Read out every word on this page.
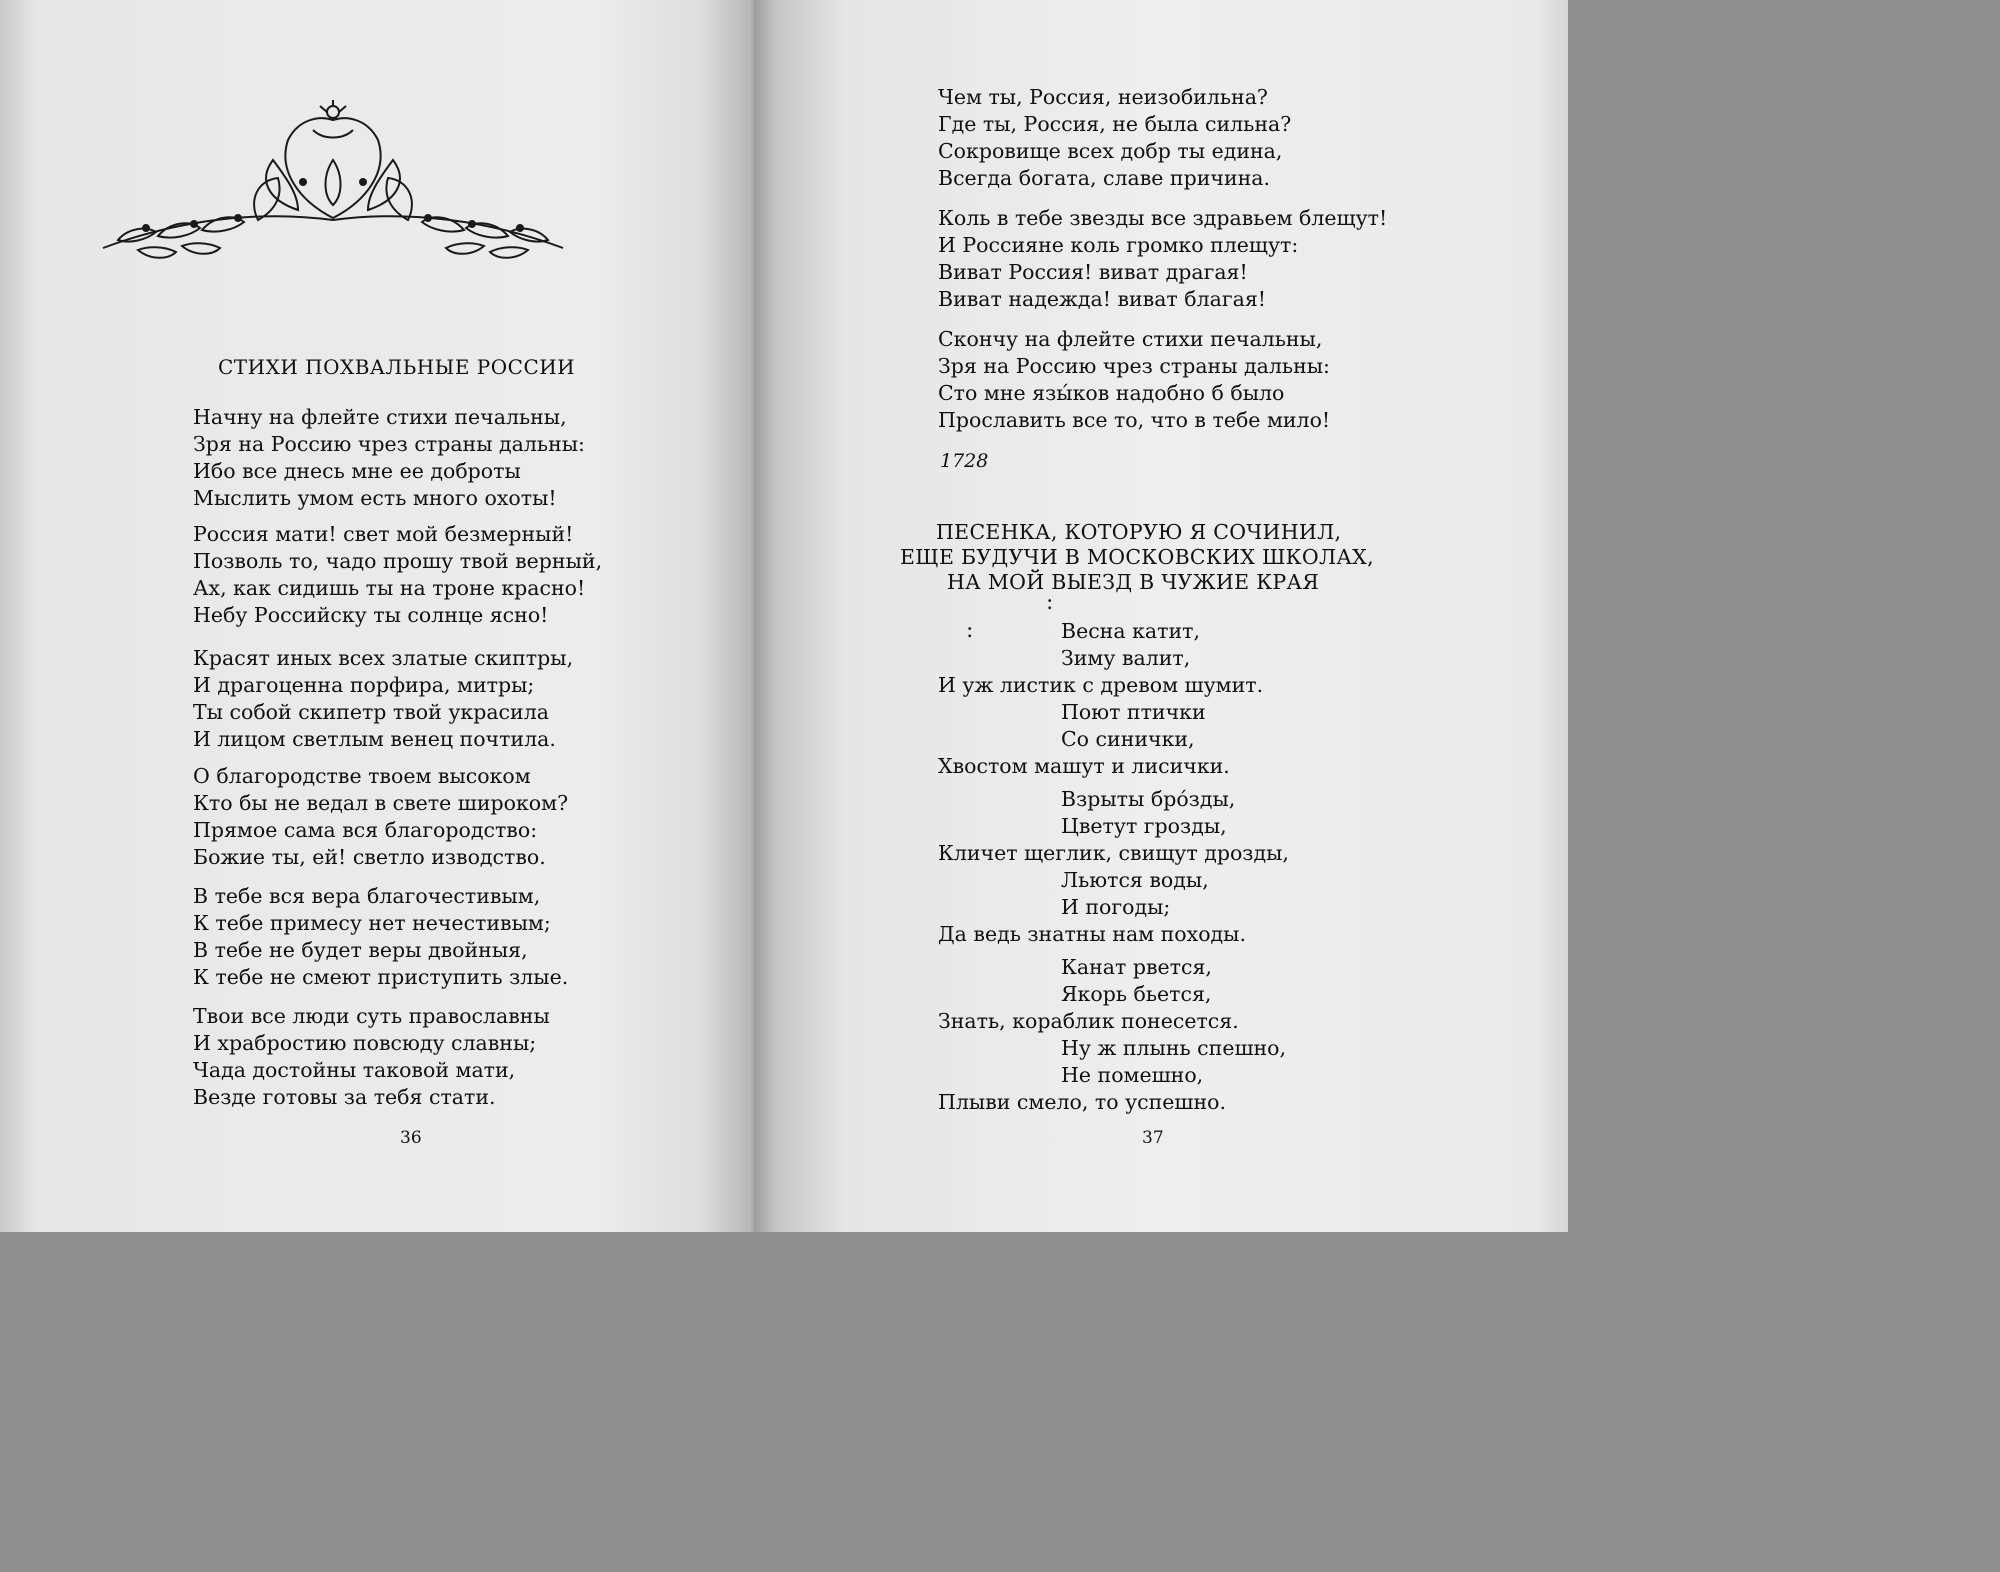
СТИХИ ПОХВАЛЬНЫЕ РОССИИ
Начну на флейте стихи печальны,
Зря на Россию чрез страны дальны:
Ибо все днесь мне ее доброты
Мыслить умом есть много охоты!
Россия мати! свет мой безмерный!
Позволь то, чадо прошу твой верный,
Ах, как сидишь ты на троне красно!
Небу Российску ты солнце ясно!
Красят иных всех златые скиптры,
И драгоценна порфира, митры;
Ты собой скипетр твой украсила
И лицом светлым венец почтила.
О благородстве твоем высоком
Кто бы не ведал в свете широком?
Прямое сама вся благородство:
Божие ты, ей! светло изводство.
В тебе вся вера благочестивым,
К тебе примесу нет нечестивым;
В тебе не будет веры двойныя,
К тебе не смеют приступить злые.
Твои все люди суть православны
И храбростию повсюду славны;
Чада достойны таковой мати,
Везде готовы за тебя стати.
36
Чем ты, Россия, неизобильна?
Где ты, Россия, не была сильна?
Сокровище всех добр ты едина,
Всегда богата, славе причина.
Коль в тебе звезды все здравьем блещут!
И Россияне коль громко плещут:
Виват Россия! виват драгая!
Виват надежда! виват благая!
Скончу на флейте стихи печальны,
Зря на Россию чрез страны дальны:
Сто мне язы́ков надобно б было
Прославить все то, что в тебе мило!
1728
ПЕСЕНКА, КОТОРУЮ Я СОЧИНИЛ,
ЕЩЕ БУДУЧИ В МОСКОВСКИХ ШКОЛАХ,
НА МОЙ ВЫЕЗД В ЧУЖИЕ КРАЯ
:
:	Весна катит,
Зиму валит,
И уж листик с древом шумит.
Поют птички
Со синички,
Хвостом машут и лисички.
Взрыты бро́зды,
Цветут грозды,
Кличет щеглик, свищут дрозды,
Льются воды,
И погоды;
Да ведь знатны нам походы.
Канат рвется,
Якорь бьется,
Знать, кораблик понесется.
Ну ж плынь спешно,
Не помешно,
Плыви смело, то успешно.
37
